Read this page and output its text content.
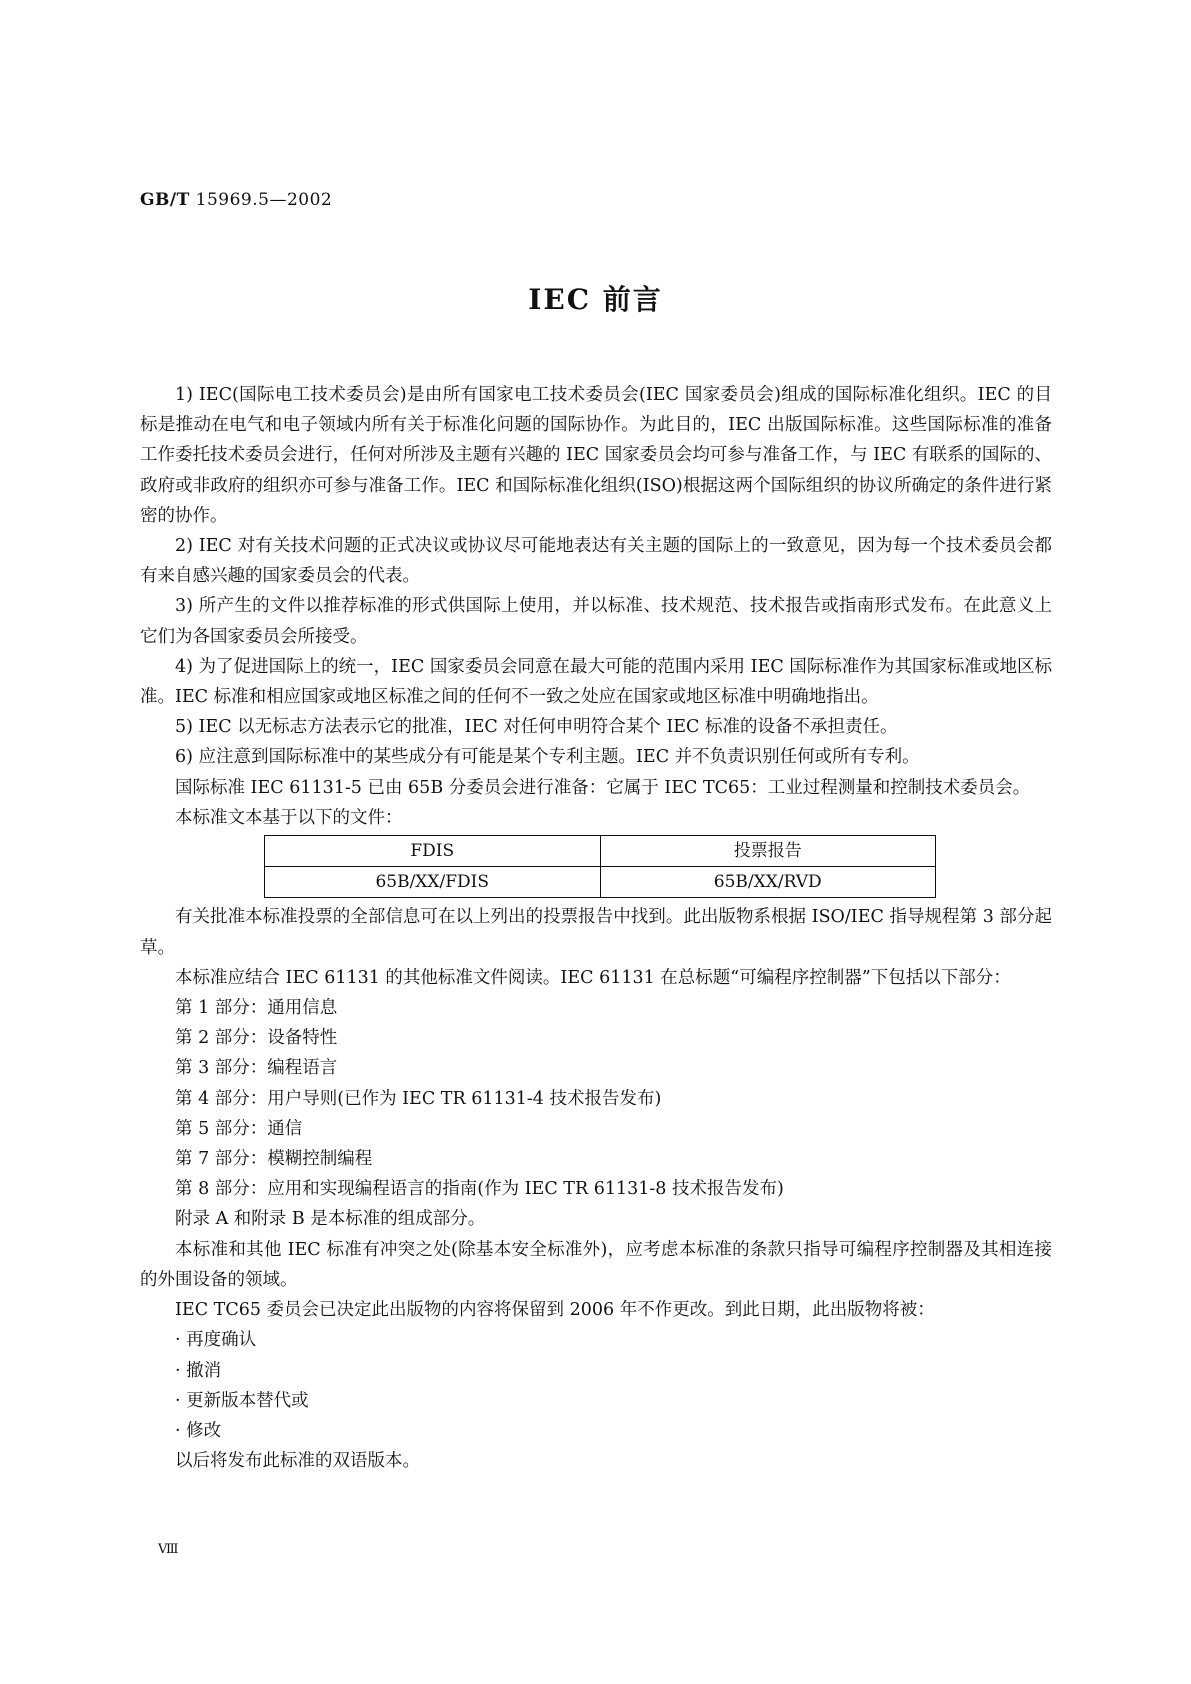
GB/T 15969.5—2002
IEC 前言

1) IEC(国际电工技术委员会)是由所有国家电工技术委员会(IEC 国家委员会)组成的国际标准化组织。IEC 的目标是推动在电气和电子领域内所有关于标准化问题的国际协作。为此目的，IEC 出版国际标准。这些国际标准的准备工作委托技术委员会进行，任何对所涉及主题有兴趣的 IEC 国家委员会均可参与准备工作，与 IEC 有联系的国际的、政府或非政府的组织亦可参与准备工作。IEC 和国际标准化组织(ISO)根据这两个国际组织的协议所确定的条件进行紧密的协作。

2) IEC 对有关技术问题的正式决议或协议尽可能地表达有关主题的国际上的一致意见，因为每一个技术委员会都有来自感兴趣的国家委员会的代表。

3) 所产生的文件以推荐标准的形式供国际上使用，并以标准、技术规范、技术报告或指南形式发布。在此意义上它们为各国家委员会所接受。

4) 为了促进国际上的统一，IEC 国家委员会同意在最大可能的范围内采用 IEC 国际标准作为其国家标准或地区标准。IEC 标准和相应国家或地区标准之间的任何不一致之处应在国家或地区标准中明确地指出。

5) IEC 以无标志方法表示它的批准，IEC 对任何申明符合某个 IEC 标准的设备不承担责任。

6) 应注意到国际标准中的某些成分有可能是某个专利主题。IEC 并不负责识别任何或所有专利。

国际标准 IEC 61131-5 已由 65B 分委员会进行准备：它属于 IEC TC65：工业过程测量和控制技术委员会。

本标准文本基于以下的文件：

FDIS	投票报告
65B/XX/FDIS	65B/XX/RVD

有关批准本标准投票的全部信息可在以上列出的投票报告中找到。此出版物系根据 ISO/IEC 指导规程第 3 部分起草。

本标准应结合 IEC 61131 的其他标准文件阅读。IEC 61131 在总标题“可编程序控制器”下包括以下部分：

第 1 部分：通用信息

第 2 部分：设备特性

第 3 部分：编程语言

第 4 部分：用户导则(已作为 IEC TR 61131-4 技术报告发布)

第 5 部分：通信

第 7 部分：模糊控制编程

第 8 部分：应用和实现编程语言的指南(作为 IEC TR 61131-8 技术报告发布)

附录 A 和附录 B 是本标准的组成部分。

本标准和其他 IEC 标准有冲突之处(除基本安全标准外)，应考虑本标准的条款只指导可编程序控制器及其相连接的外围设备的领域。

IEC TC65 委员会已决定此出版物的内容将保留到 2006 年不作更改。到此日期，此出版物将被：

· 再度确认

· 撤消

· 更新版本替代或

· 修改

以后将发布此标准的双语版本。

Ⅷ
